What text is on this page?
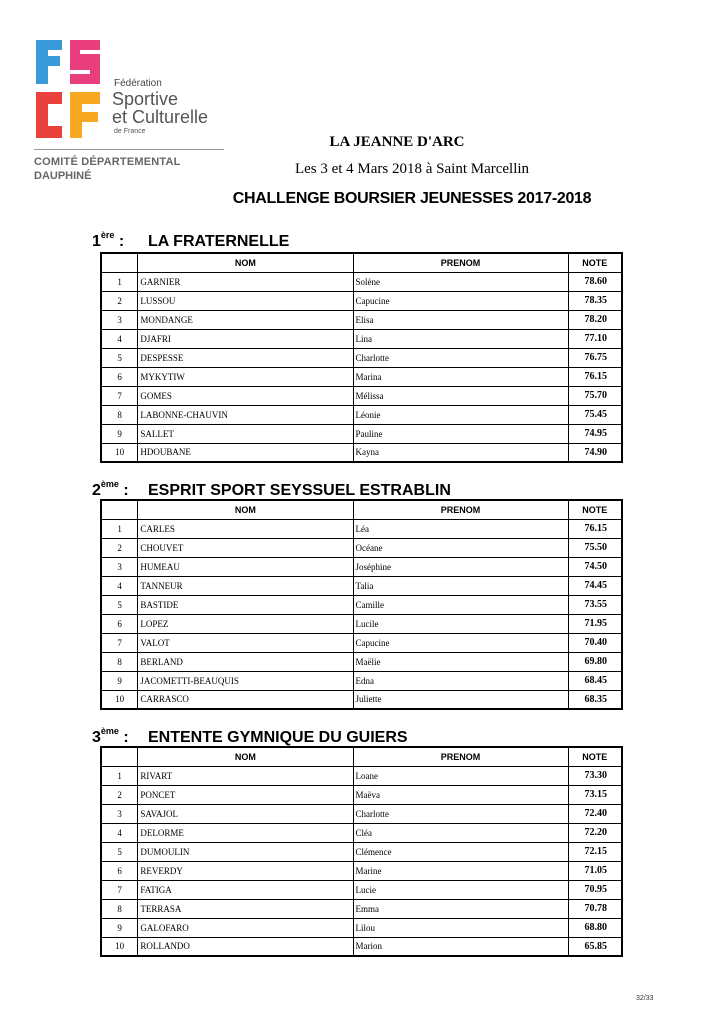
Fédération
Sportive
et Culturelle
de France
COMITÉ DÉPARTEMENTAL
DAUPHINÉ
LA JEANNE D'ARC
Les 3 et 4 Mars 2018 à Saint Marcellin
CHALLENGE BOURSIER JEUNESSES 2017-2018
1ère : LA FRATERNELLE
	NOM	PRENOM	NOTE
1	GARNIER	Solène	78.60
2	LUSSOU	Capucine	78.35
3	MONDANGE	Elisa	78.20
4	DJAFRI	Lina	77.10
5	DESPESSE	Charlotte	76.75
6	MYKYTIW	Marina	76.15
7	GOMES	Mélissa	75.70
8	LABONNE-CHAUVIN	Léonie	75.45
9	SALLET	Pauline	74.95
10	HDOUBANE	Kayna	74.90
2ème : ESPRIT SPORT SEYSSUEL ESTRABLIN
	NOM	PRENOM	NOTE
1	CARLES	Léa	76.15
2	CHOUVET	Océane	75.50
3	HUMEAU	Joséphine	74.50
4	TANNEUR	Talia	74.45
5	BASTIDE	Camille	73.55
6	LOPEZ	Lucile	71.95
7	VALOT	Capucine	70.40
8	BERLAND	Maëlie	69.80
9	JACOMETTI-BEAUQUIS	Edna	68.45
10	CARRASCO	Juliette	68.35
3ème : ENTENTE GYMNIQUE DU GUIERS
	NOM	PRENOM	NOTE
1	RIVART	Loane	73.30
2	PONCET	Maëva	73.15
3	SAVAJOL	Charlotte	72.40
4	DELORME	Cléa	72.20
5	DUMOULIN	Clémence	72.15
6	REVERDY	Marine	71.05
7	FATIGA	Lucie	70.95
8	TERRASA	Emma	70.78
9	GALOFARO	Lilou	68.80
10	ROLLANDO	Marion	65.85
32/33
